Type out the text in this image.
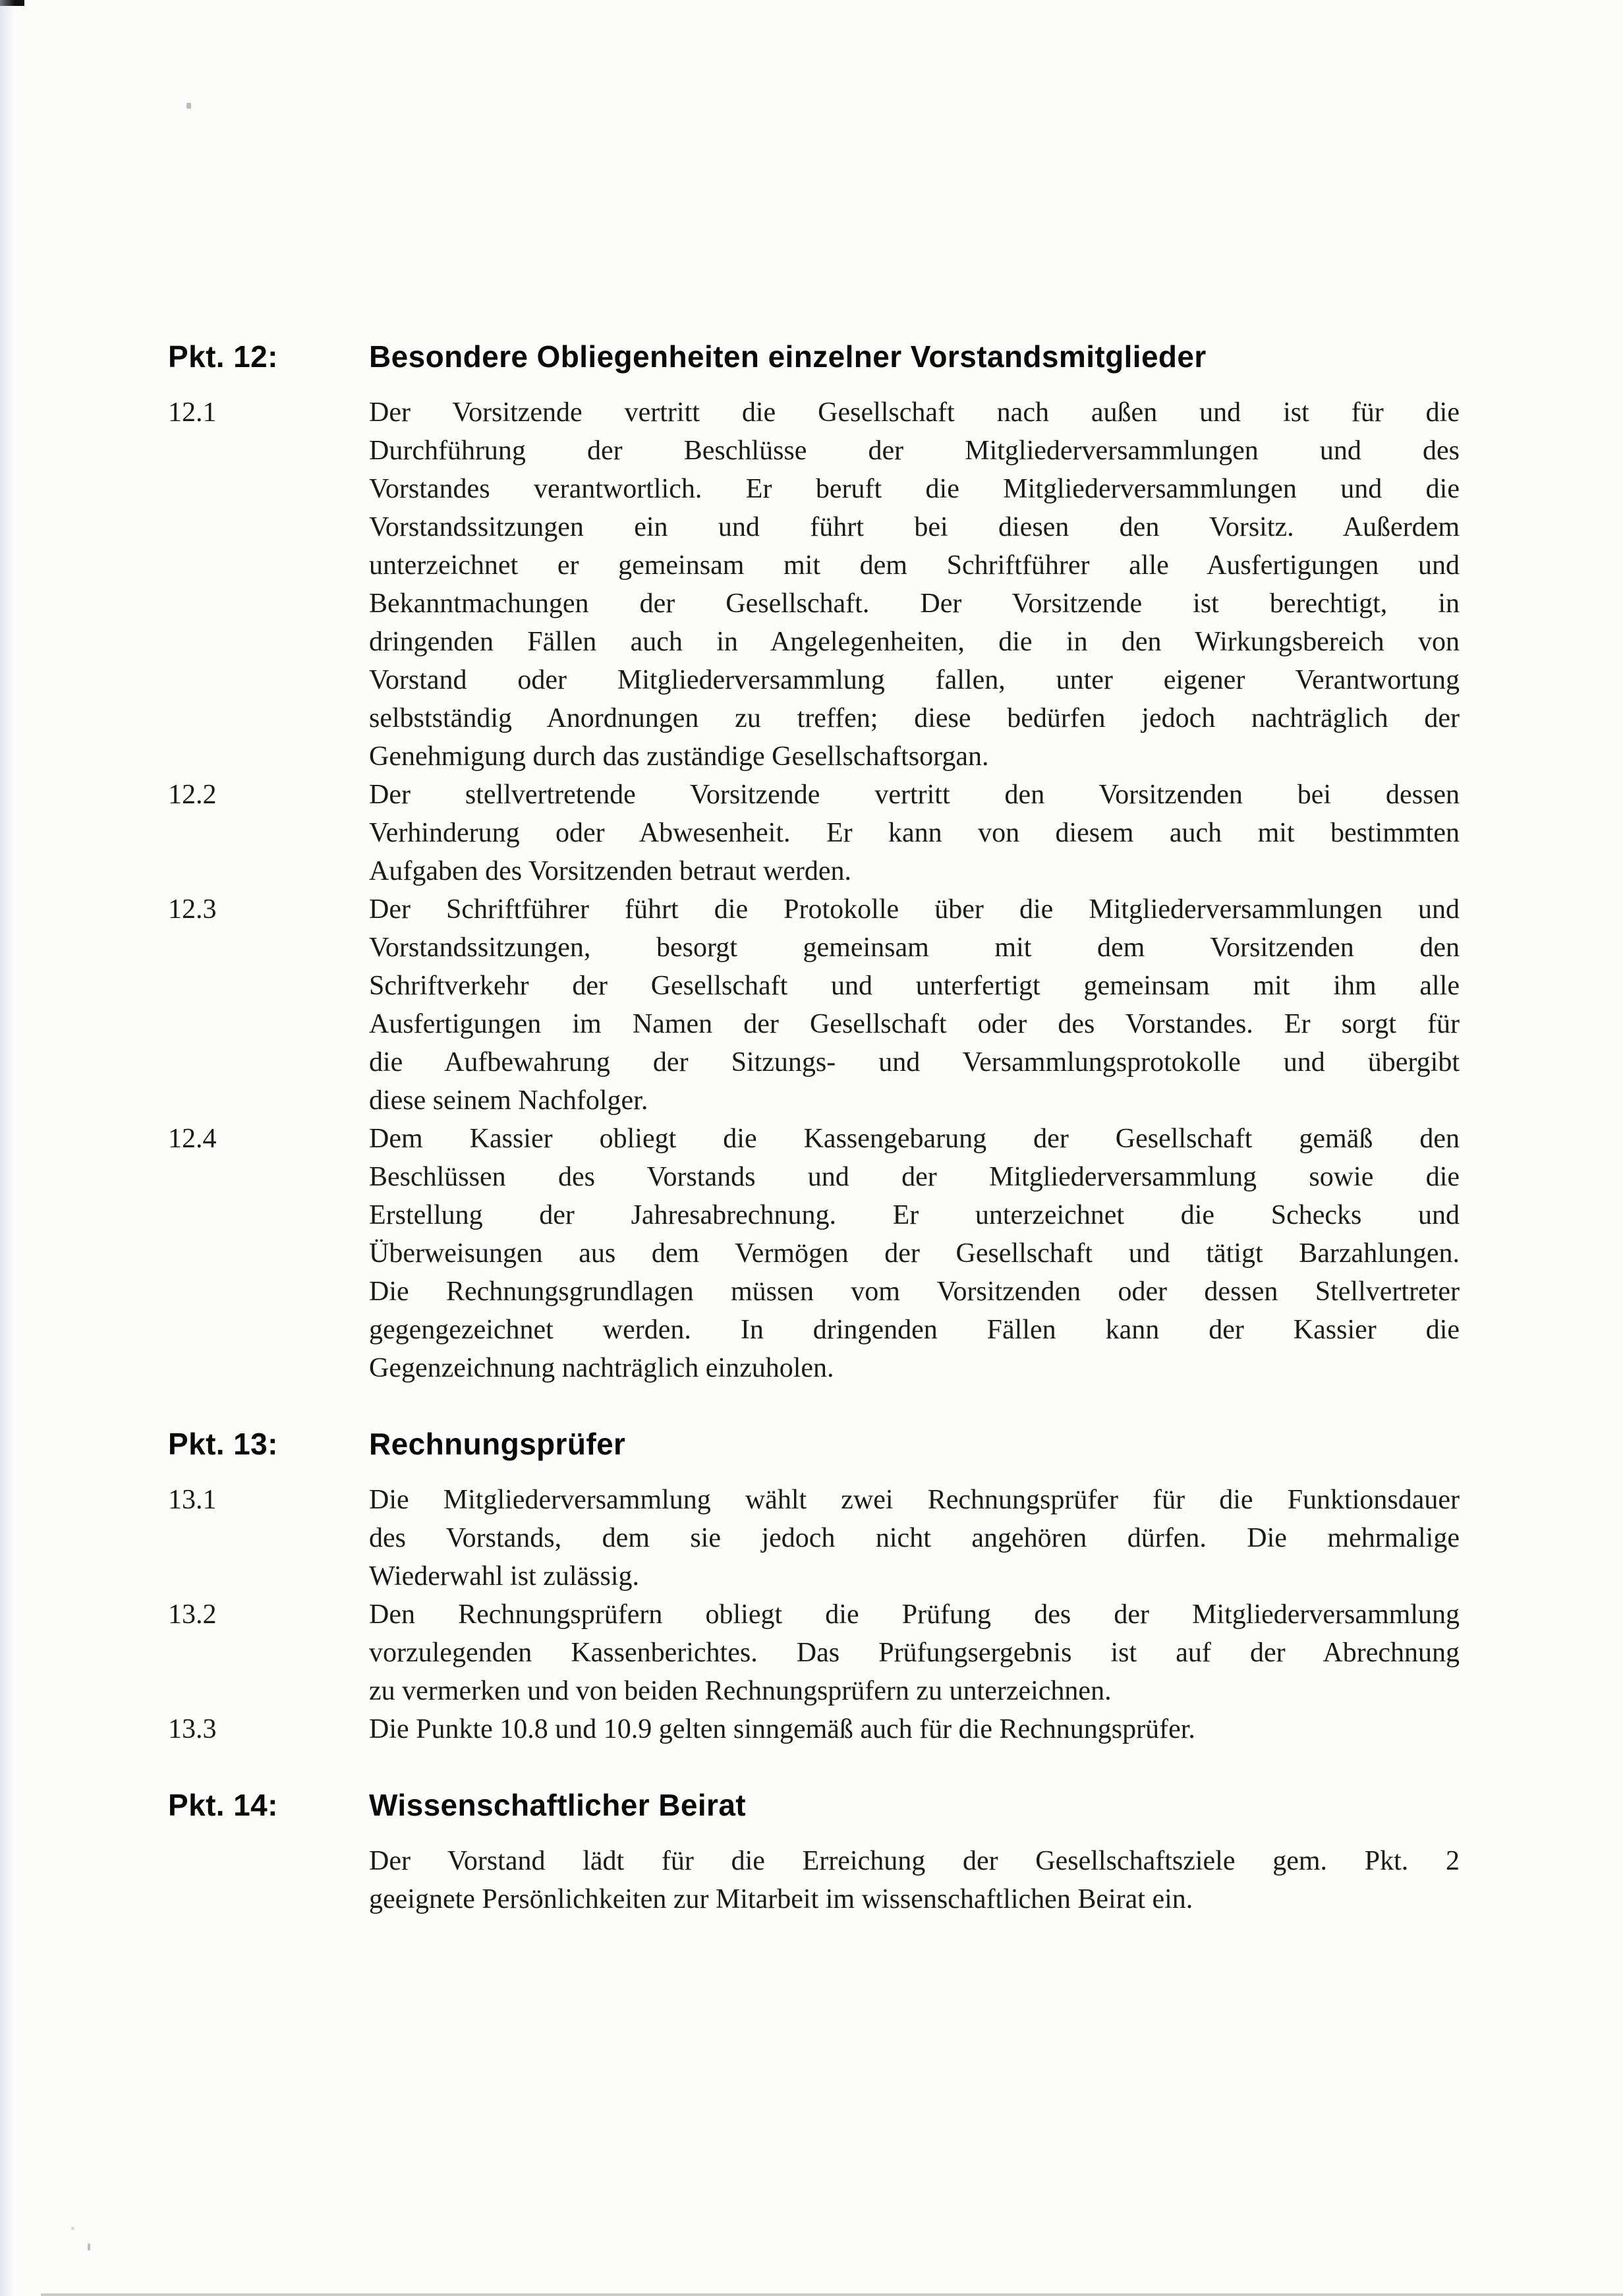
Pkt. 12:	Besondere Obliegenheiten einzelner Vorstandsmitglieder
12.1	Der Vorsitzende vertritt die Gesellschaft nach außen und ist für die
Durchführung der Beschlüsse der Mitgliederversammlungen und des
Vorstandes verantwortlich. Er beruft die Mitgliederversammlungen und die
Vorstandssitzungen ein und führt bei diesen den Vorsitz. Außerdem
unterzeichnet er gemeinsam mit dem Schriftführer alle Ausfertigungen und
Bekanntmachungen der Gesellschaft. Der Vorsitzende ist berechtigt, in
dringenden Fällen auch in Angelegenheiten, die in den Wirkungsbereich von
Vorstand oder Mitgliederversammlung fallen, unter eigener Verantwortung
selbstständig Anordnungen zu treffen; diese bedürfen jedoch nachträglich der
Genehmigung durch das zuständige Gesellschaftsorgan.
12.2	Der stellvertretende Vorsitzende vertritt den Vorsitzenden bei dessen
Verhinderung oder Abwesenheit. Er kann von diesem auch mit bestimmten
Aufgaben des Vorsitzenden betraut werden.
12.3	Der Schriftführer führt die Protokolle über die Mitgliederversammlungen und
Vorstandssitzungen, besorgt gemeinsam mit dem Vorsitzenden den
Schriftverkehr der Gesellschaft und unterfertigt gemeinsam mit ihm alle
Ausfertigungen im Namen der Gesellschaft oder des Vorstandes. Er sorgt für
die Aufbewahrung der Sitzungs- und Versammlungsprotokolle und übergibt
diese seinem Nachfolger.
12.4	Dem Kassier obliegt die Kassengebarung der Gesellschaft gemäß den
Beschlüssen des Vorstands und der Mitgliederversammlung sowie die
Erstellung der Jahresabrechnung. Er unterzeichnet die Schecks und
Überweisungen aus dem Vermögen der Gesellschaft und tätigt Barzahlungen.
Die Rechnungsgrundlagen müssen vom Vorsitzenden oder dessen Stellvertreter
gegengezeichnet werden. In dringenden Fällen kann der Kassier die
Gegenzeichnung nachträglich einzuholen.
Pkt. 13:	Rechnungsprüfer
13.1	Die Mitgliederversammlung wählt zwei Rechnungsprüfer für die Funktionsdauer
des Vorstands, dem sie jedoch nicht angehören dürfen. Die mehrmalige
Wiederwahl ist zulässig.
13.2	Den Rechnungsprüfern obliegt die Prüfung des der Mitgliederversammlung
vorzulegenden Kassenberichtes. Das Prüfungsergebnis ist auf der Abrechnung
zu vermerken und von beiden Rechnungsprüfern zu unterzeichnen.
13.3	Die Punkte 10.8 und 10.9 gelten sinngemäß auch für die Rechnungsprüfer.
Pkt. 14:	Wissenschaftlicher Beirat
Der Vorstand lädt für die Erreichung der Gesellschaftsziele gem. Pkt. 2
geeignete Persönlichkeiten zur Mitarbeit im wissenschaftlichen Beirat ein.
